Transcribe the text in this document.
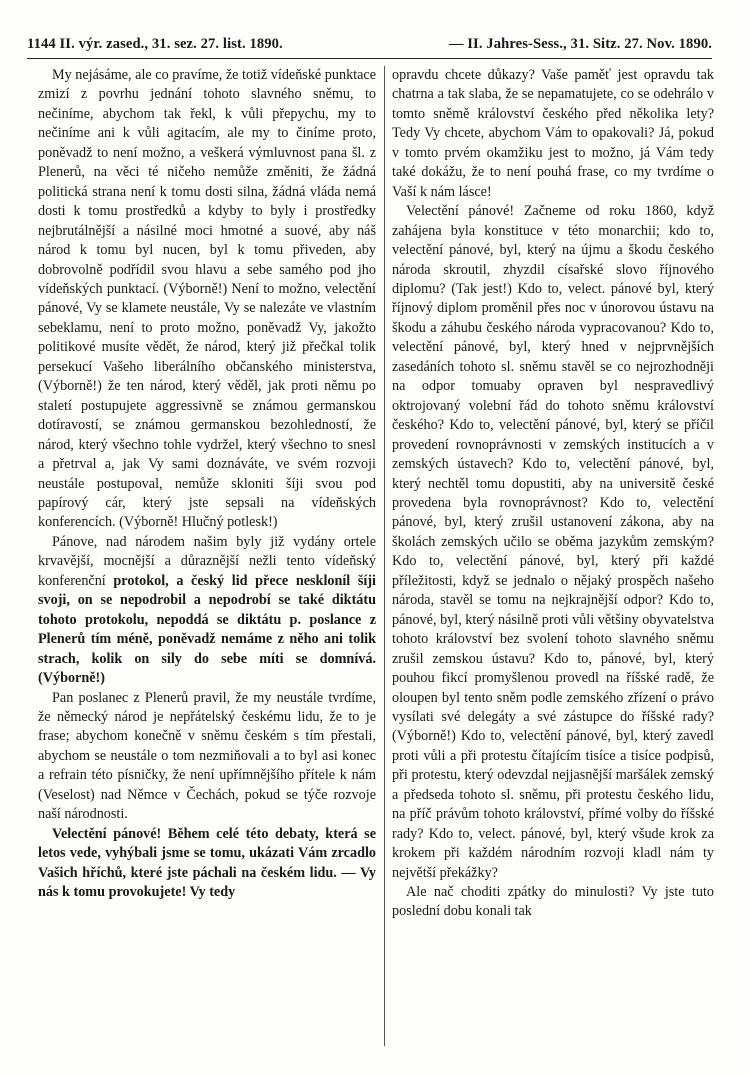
1144 II. výr. zased., 31. sez. 27. list. 1890.	— II. Jahres-Sess., 31. Sitz. 27. Nov. 1890.

My nejásáme, ale co pravíme, že totiž vídeňské punktace zmizí z povrhu jednání tohoto slavného sněmu, to nečiníme, abychom tak řekl, k vůli přepychu, my to nečiníme ani k vůli agitacím, ale my to činíme proto, poněvadž to není možno, a veškerá výmluvnost pana šl. z Plenerů, na věci té ničeho nemůže změniti, že žádná politická strana není k tomu dosti silna, žádná vláda nemá dosti k tomu prostředků a kdyby to byly i prostředky nejbrutálnější a násilné moci hmotné a suové, aby náš národ k tomu byl nucen, byl k tomu přiveden, aby dobrovolně podřídil svou hlavu a sebe samého pod jho vídeňských punktací. (Výborně!) Není to možno, velectění pánové, Vy se klamete neustále, Vy se nalezáte ve vlastním sebeklamu, není to proto možno, poněvadž Vy, jakožto politikové musíte vědět, že národ, který již přečkal tolik persekucí Vašeho liberálního občanského ministerstva, (Výborně!) že ten národ, který věděl, jak proti němu po staletí postupujete aggressivně se známou germanskou dotíravostí, se známou germanskou bezohledností, že národ, který všechno tohle vydržel, který všechno to snesl a přetrval a, jak Vy sami doznáváte, ve svém rozvoji neustále postupoval, nemůže skloniti šíji svou pod papírový cár, který jste sepsali na vídeňských konferencích. (Výborně! Hlučný potlesk!)

Pánove, nad národem našim byly již vydány ortele krvavější, mocnější a důraznější nežli tento vídeňský konferenční protokol, a český lid přece neskloníl šíji svoji, on se nepodrobil a nepodrobí se také diktátu tohoto protokolu, nepoddá se diktátu p. poslance z Plenerů tím méně, poněvadž nemáme z něho ani tolik strach, kolik on sily do sebe míti se domnívá. (Výborně!)

Pan poslanec z Plenerů pravil, že my neustále tvrdíme, že německý národ je nepřátelský českému lidu, že to je frase; abychom konečně v sněmu českém s tím přestali, abychom se neustále o tom nezmiňovali a to byl asi konec a refrain této písničky, že není upřímnějšího přítele k nám (Veselost) nad Němce v Čechách, pokud se týče rozvoje naší národnosti.

Velectění pánové! Během celé této debaty, která se letos vede, vyhýbali jsme se tomu, ukázati Vám zrcadlo Vašich hříchů, které jste páchali na českém lidu. — Vy nás k tomu provokujete! Vy tedy

opravdu chcete důkazy? Vaše paměť jest opravdu tak chatrna a tak slaba, že se nepamatujete, co se odehrálo v tomto sněmě království českého před několika lety? Tedy Vy chcete, abychom Vám to opakovali? Já, pokud v tomto prvém okamžiku jest to možno, já Vám tedy také dokážu, že to není pouhá frase, co my tvrdíme o Vaší k nám lásce!

Velectění pánové! Začneme od roku 1860, když zahájena byla konstituce v této monarchii; kdo to, velectění pánové, byl, který na újmu a škodu českého národa skroutil, zhyzdil císařské slovo říjnového diplomu? (Tak jest!) Kdo to, velect. pánové byl, který říjnový diplom proměnil přes noc v únorovou ústavu na škodu a záhubu českého národa vypracovanou? Kdo to, velectění pánové, byl, který hned v nejprvnějších zasedáních tohoto sl. sněmu stavěl se co nejrozhodněji na odpor tomuaby opraven byl nespravedlivý oktrojovaný volební řád do tohoto sněmu království českého? Kdo to, velectění pánové, byl, který se příčil provedení rovnoprávnosti v zemských institucích a v zemských ústavech? Kdo to, velectění pánové, byl, který nechtěl tomu dopustiti, aby na universitě české provedena byla rovnoprávnost? Kdo to, velectění pánové, byl, který zrušil ustanovení zákona, aby na školách zemských učilo se oběma jazykům zemským? Kdo to, velectění pánové, byl, který při každé příležitosti, když se jednalo o nějaký prospěch našeho národa, stavěl se tomu na nejkrajnější odpor? Kdo to, pánové, byl, který násilně proti vůli většiny obyvatelstva tohoto království bez svolení tohoto slavného sněmu zrušil zemskou ústavu? Kdo to, pánové, byl, který pouhou fikcí promyšlenou provedl na říšské radě, že oloupen byl tento sněm podle zemského zřízení o právo vysílati své delegáty a své zástupce do říšské rady? (Výborně!) Kdo to, velectění pánové, byl, který zavedl proti vůli a při protestu čítajícím tisíce a tisíce podpisů, při protestu, který odevzdal nejjasnější maršálek zemský a předseda tohoto sl. sněmu, při protestu českého lidu, na příč právům tohoto království, přímé volby do říšské rady? Kdo to, velect. pánové, byl, který všude krok za krokem při každém národním rozvoji kladl nám ty největší překážky?

Ale nač choditi zpátky do minulosti? Vy jste tuto poslední dobu konali tak
